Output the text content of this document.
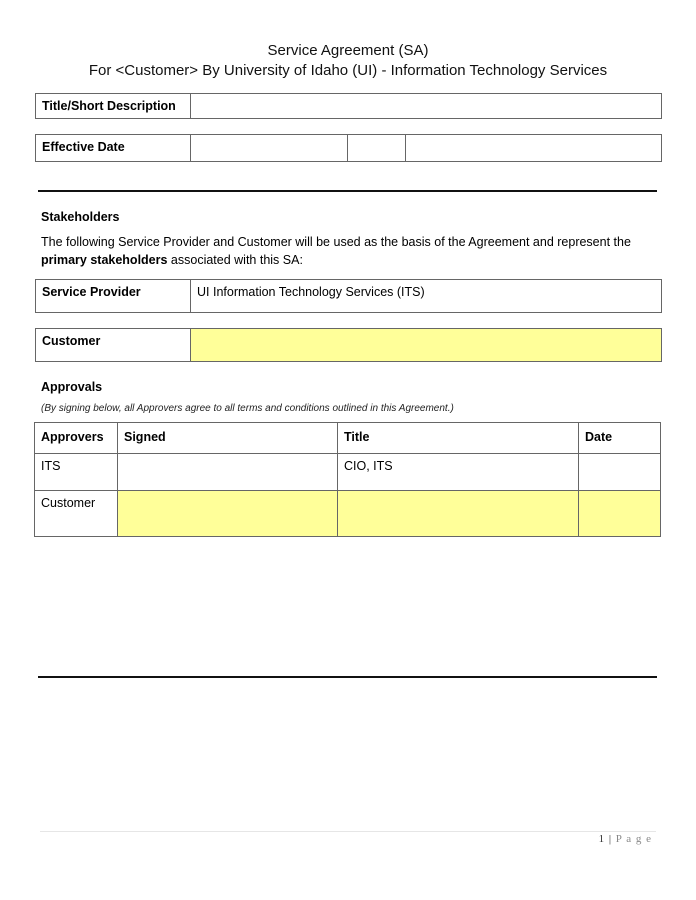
Service Agreement (SA)
For <Customer> By University of Idaho (UI) - Information Technology Services
Title/Short Description	
Effective Date			
Stakeholders
The following Service Provider and Customer will be used as the basis of the Agreement and represent the
primary stakeholders associated with this SA:
Service Provider	UI Information Technology Services (ITS)
Customer	
Approvals
(By signing below, all Approvers agree to all terms and conditions outlined in this Agreement.)
Approvers	Signed	Title	Date
ITS		CIO, ITS	
Customer			
1 | P a g e
